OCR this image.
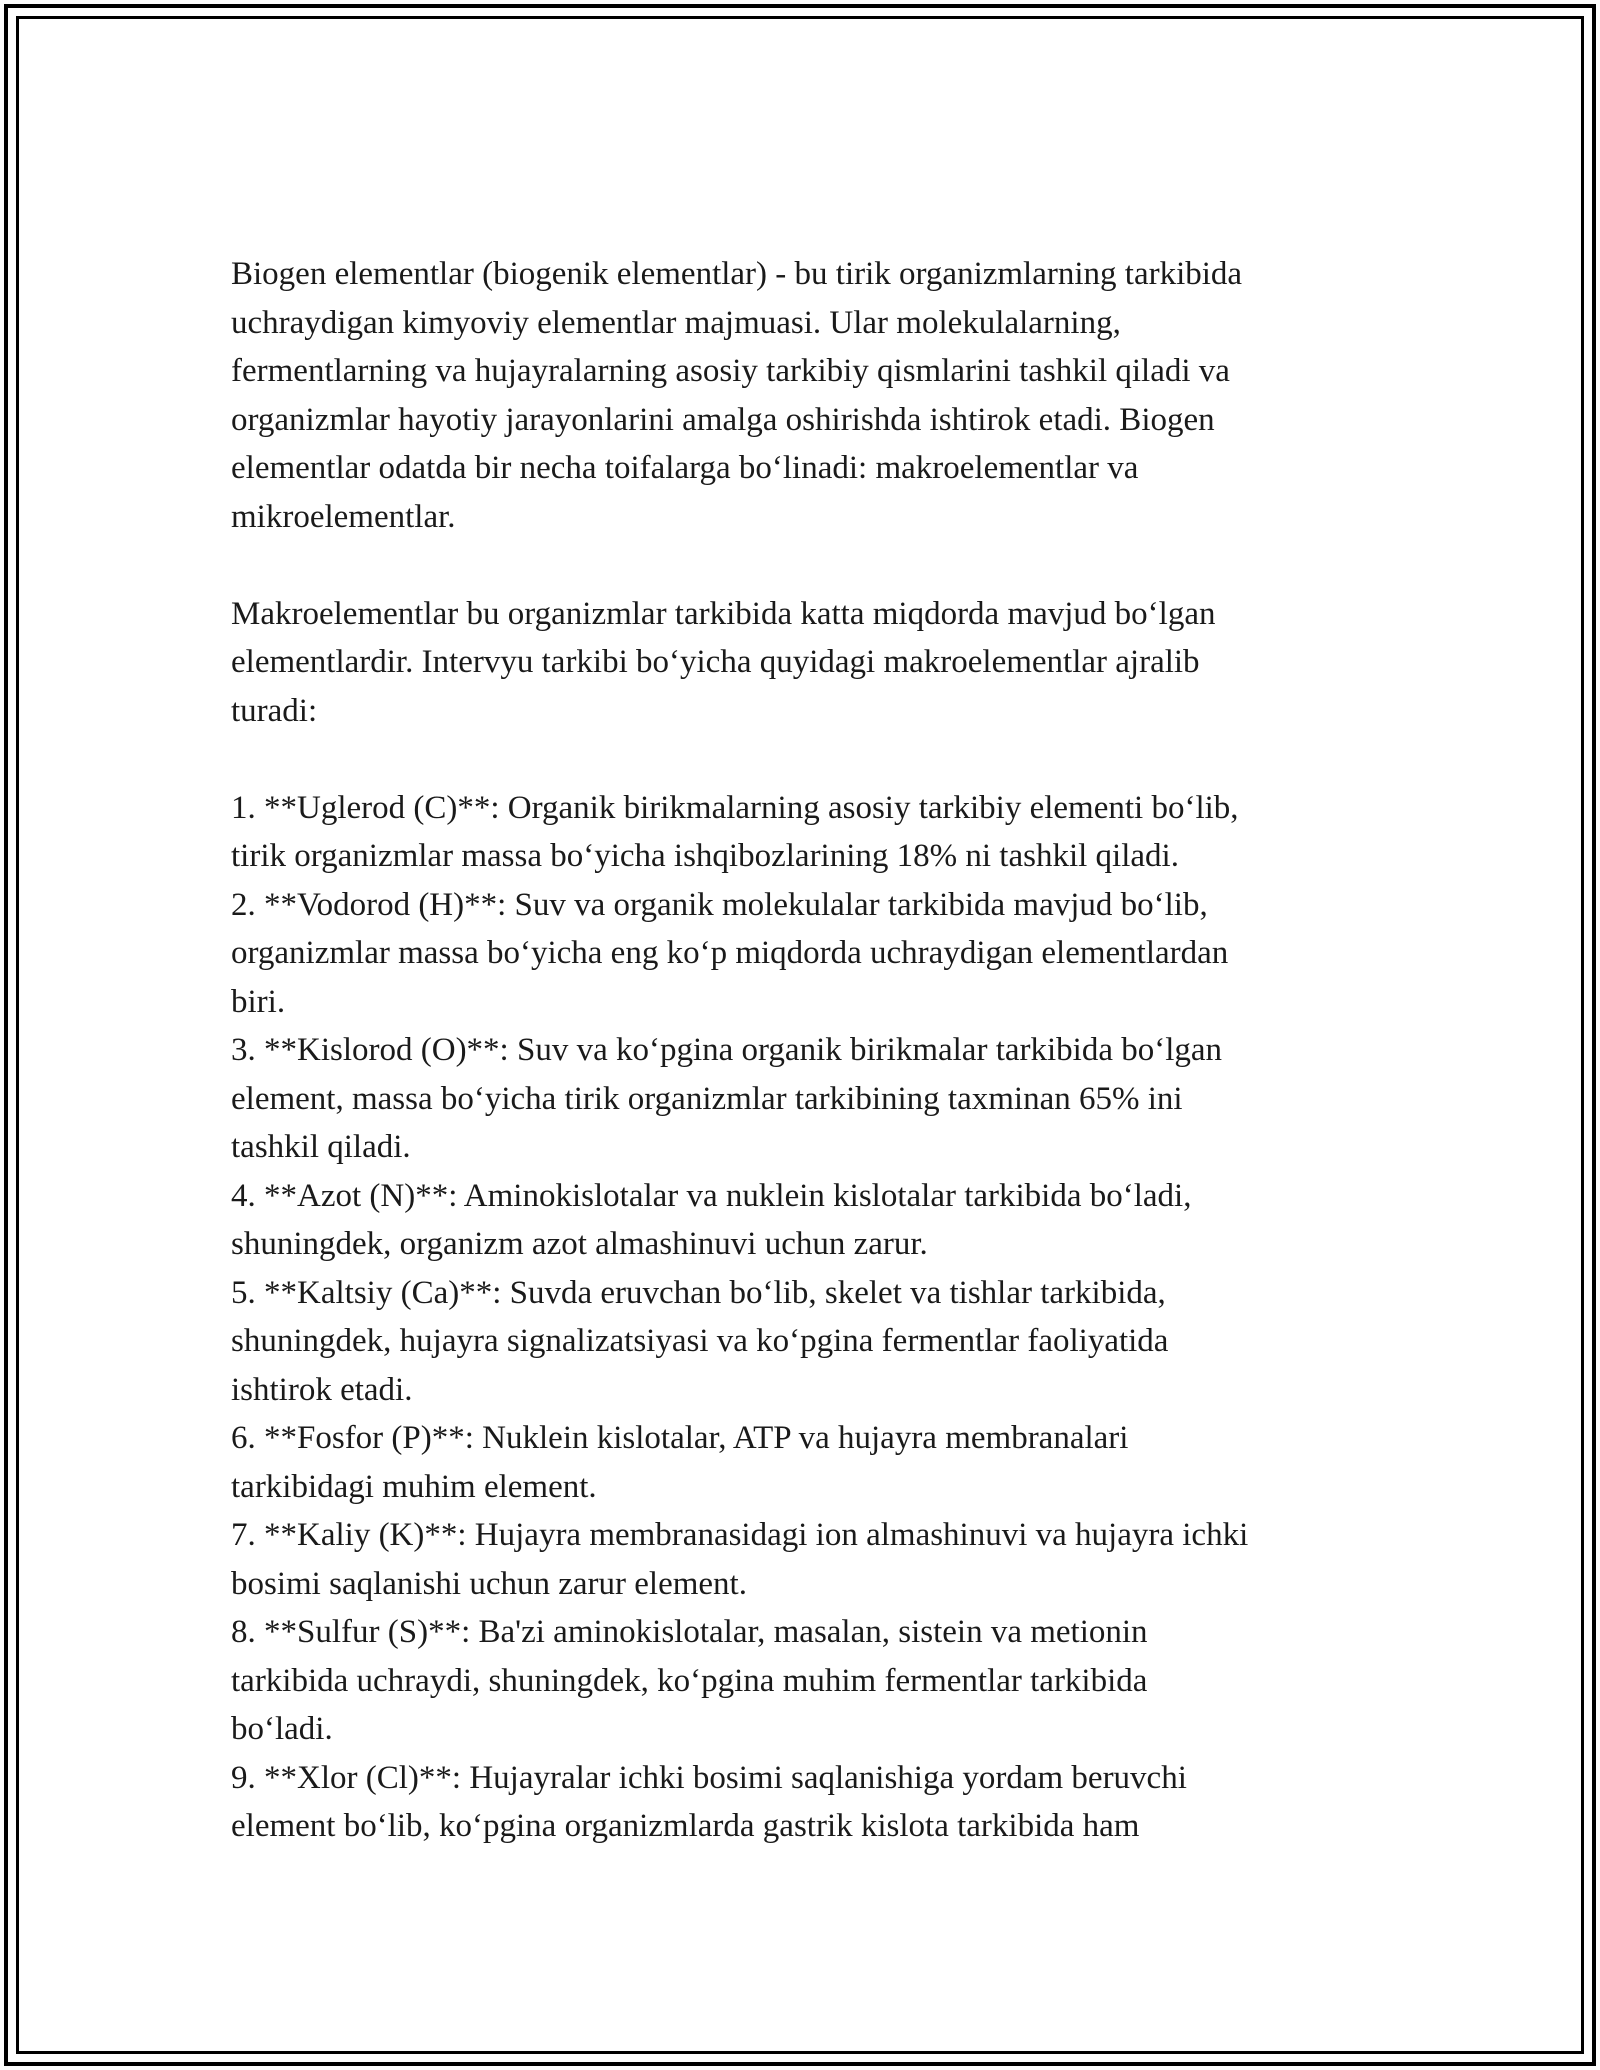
Biogen elementlar (biogenik elementlar) - bu tirik organizmlarning tarkibida
uchraydigan kimyoviy elementlar majmuasi. Ular molekulalarning,
fermentlarning va hujayralarning asosiy tarkibiy qismlarini tashkil qiladi va
organizmlar hayotiy jarayonlarini amalga oshirishda ishtirok etadi. Biogen
elementlar odatda bir necha toifalarga bo‘linadi: makroelementlar va
mikroelementlar.

Makroelementlar bu organizmlar tarkibida katta miqdorda mavjud bo‘lgan
elementlardir. Intervyu tarkibi bo‘yicha quyidagi makroelementlar ajralib
turadi:

1. **Uglerod (C)**: Organik birikmalarning asosiy tarkibiy elementi bo‘lib,
tirik organizmlar massa bo‘yicha ishqibozlarining 18% ni tashkil qiladi.

2. **Vodorod (H)**: Suv va organik molekulalar tarkibida mavjud bo‘lib,
organizmlar massa bo‘yicha eng ko‘p miqdorda uchraydigan elementlardan
biri.

3. **Kislorod (O)**: Suv va ko‘pgina organik birikmalar tarkibida bo‘lgan
element, massa bo‘yicha tirik organizmlar tarkibining taxminan 65% ini
tashkil qiladi.

4. **Azot (N)**: Aminokislotalar va nuklein kislotalar tarkibida bo‘ladi,
shuningdek, organizm azot almashinuvi uchun zarur.

5. **Kaltsiy (Ca)**: Suvda eruvchan bo‘lib, skelet va tishlar tarkibida,
shuningdek, hujayra signalizatsiyasi va ko‘pgina fermentlar faoliyatida
ishtirok etadi.

6. **Fosfor (P)**: Nuklein kislotalar, ATP va hujayra membranalari
tarkibidagi muhim element.

7. **Kaliy (K)**: Hujayra membranasidagi ion almashinuvi va hujayra ichki
bosimi saqlanishi uchun zarur element.

8. **Sulfur (S)**: Ba'zi aminokislotalar, masalan, sistein va metionin
tarkibida uchraydi, shuningdek, ko‘pgina muhim fermentlar tarkibida
bo‘ladi.

9. **Xlor (Cl)**: Hujayralar ichki bosimi saqlanishiga yordam beruvchi
element bo‘lib, ko‘pgina organizmlarda gastrik kislota tarkibida ham
